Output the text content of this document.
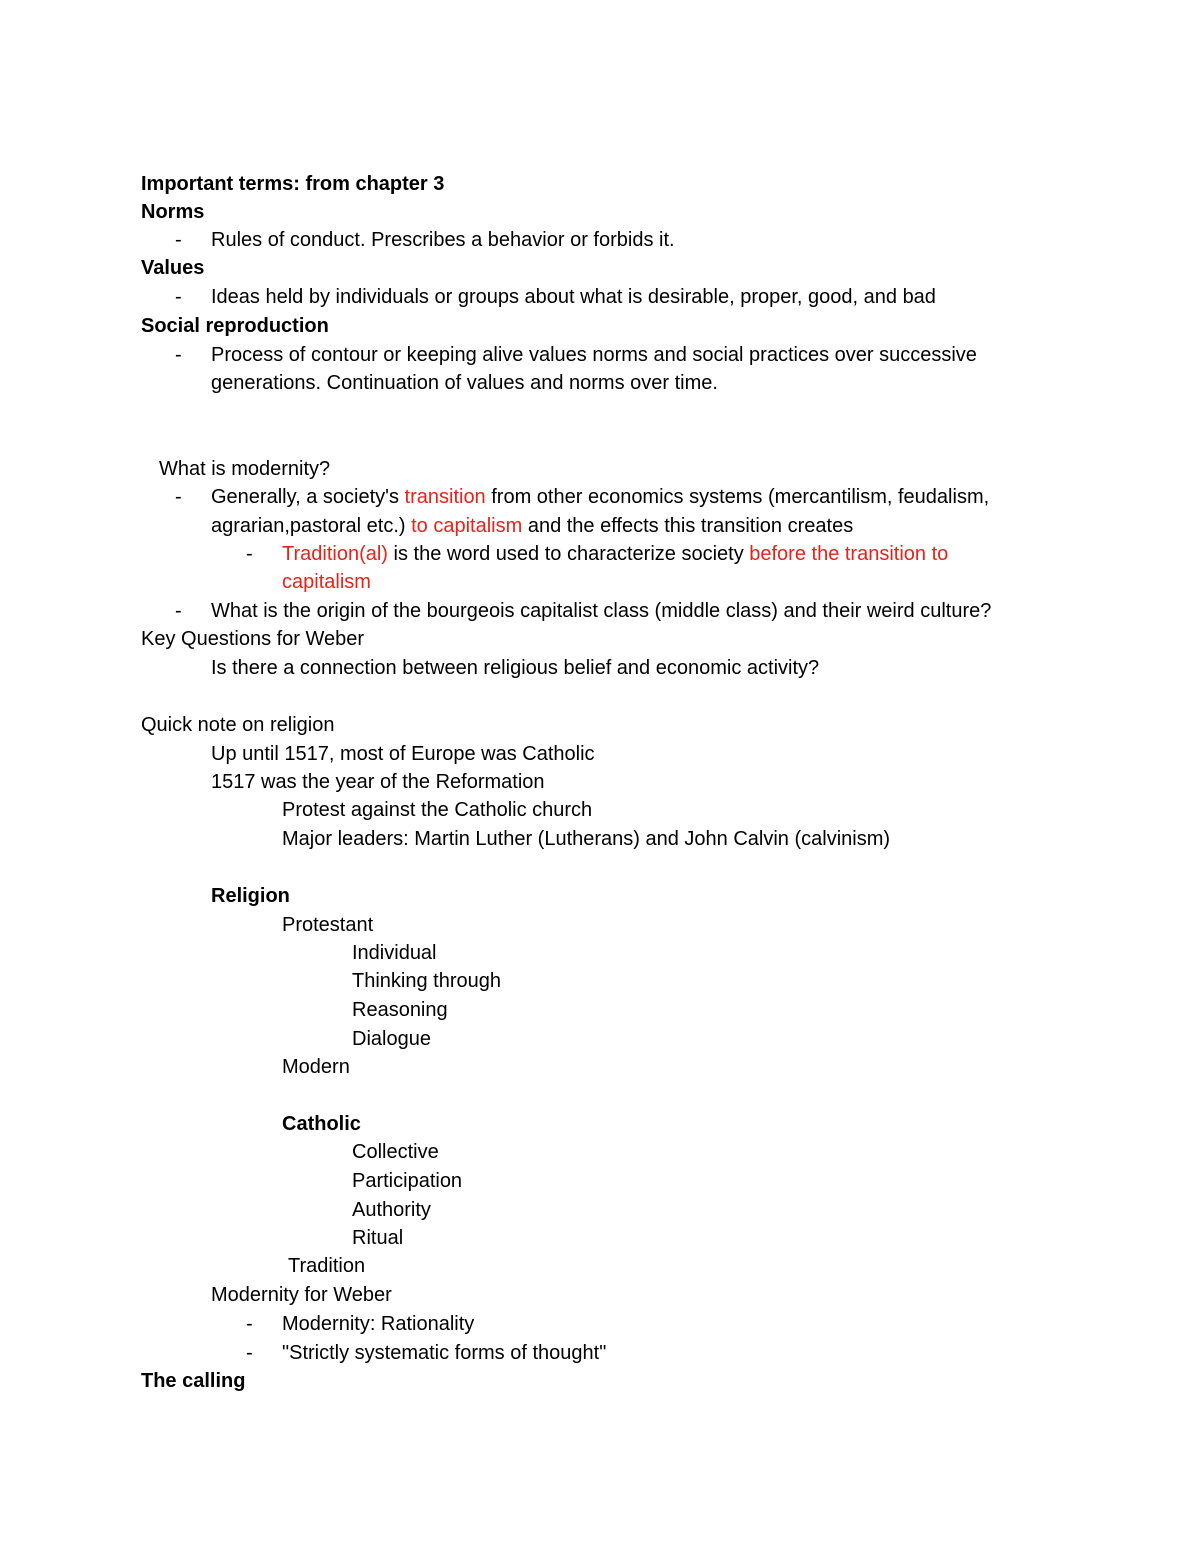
Important terms: from chapter 3
Norms
- Rules of conduct. Prescribes a behavior or forbids it.
Values
- Ideas held by individuals or groups about what is desirable, proper, good, and bad
Social reproduction
- Process of contour or keeping alive values norms and social practices over successive
generations. Continuation of values and norms over time.
What is modernity?
- Generally, a society's transition from other economics systems (mercantilism, feudalism,
agrarian,pastoral etc.) to capitalism and the effects this transition creates
- Tradition(al) is the word used to characterize society before the transition to
capitalism
- What is the origin of the bourgeois capitalist class (middle class) and their weird culture?
Key Questions for Weber
Is there a connection between religious belief and economic activity?
Quick note on religion
Up until 1517, most of Europe was Catholic
1517 was the year of the Reformation
Protest against the Catholic church
Major leaders: Martin Luther (Lutherans) and John Calvin (calvinism)
Religion
Protestant
Individual
Thinking through
Reasoning
Dialogue
Modern
Catholic
Collective
Participation
Authority
Ritual
Tradition
Modernity for Weber
- Modernity: Rationality
- "Strictly systematic forms of thought"
The calling
